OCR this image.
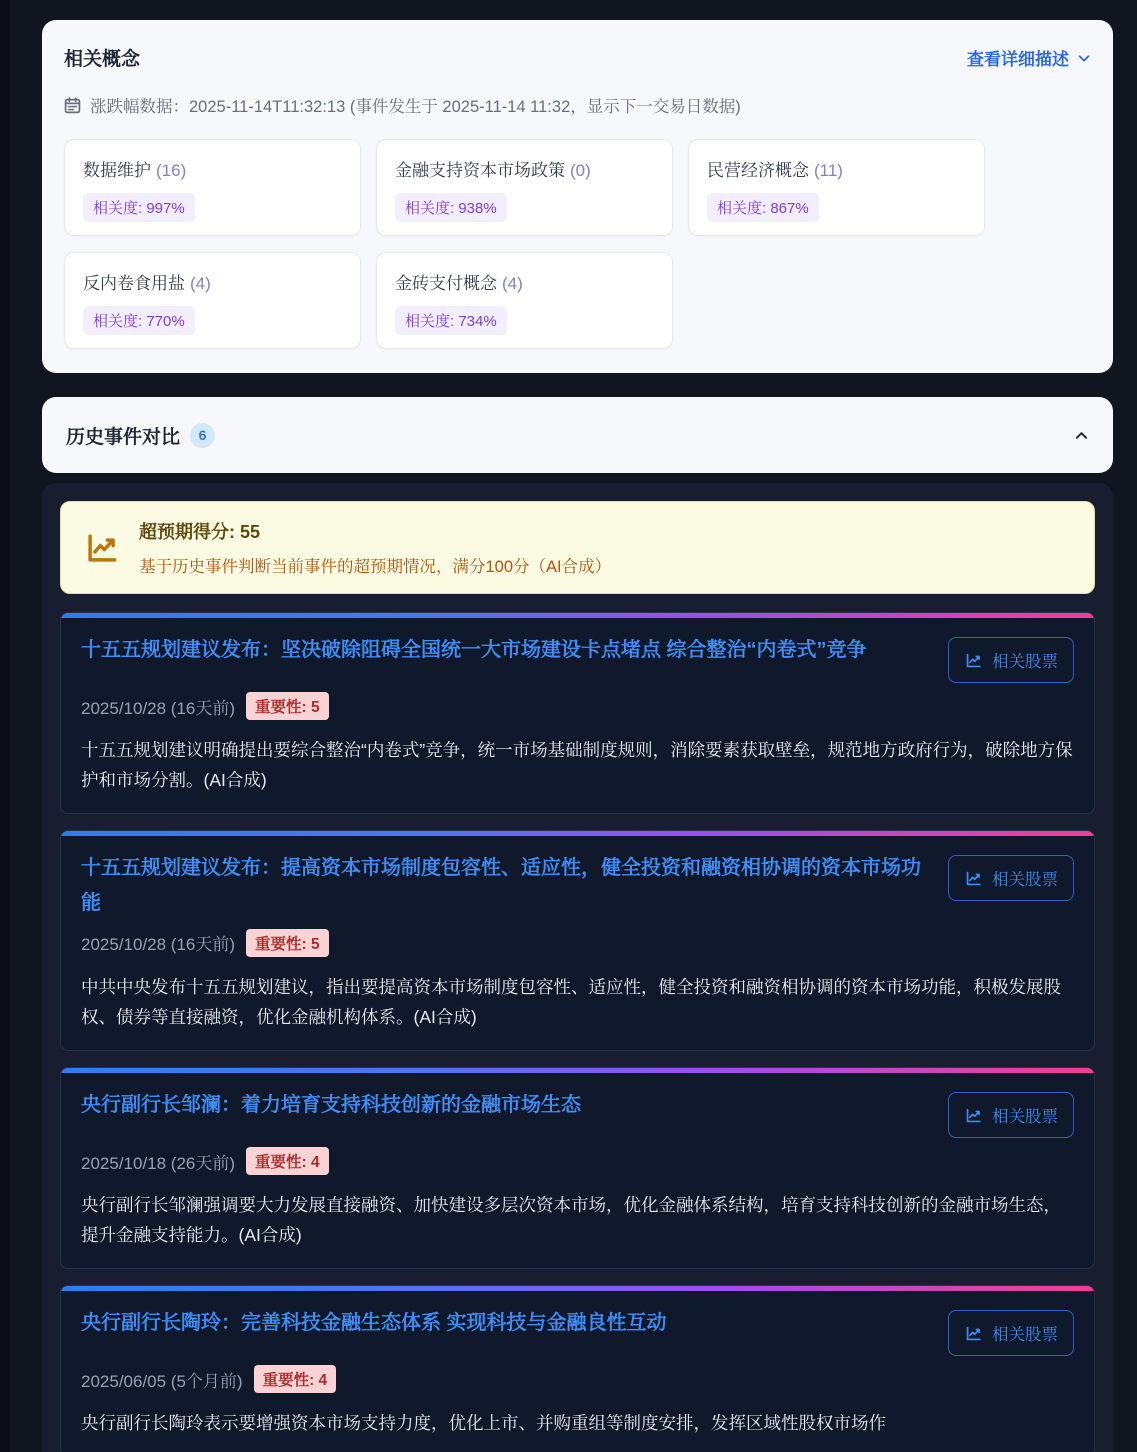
相关概念	查看详细描述
涨跌幅数据：2025-11-14T11:32:13 (事件发生于 2025-11-14 11:32，显示下一交易日数据)
数据维护 (16)
相关度: 997%
金融支持资本市场政策 (0)
相关度: 938%
民营经济概念 (11)
相关度: 867%
反内卷食用盐 (4)
相关度: 770%
金砖支付概念 (4)
相关度: 734%
历史事件对比	6
超预期得分: 55
基于历史事件判断当前事件的超预期情况，满分100分（AI合成）
十五五规划建议发布：坚决破除阻碍全国统一大市场建设卡点堵点 综合整治“内卷式”竞争
相关股票
2025/10/28 (16天前)	重要性: 5

十五五规划建议明确提出要综合整治“内卷式”竞争，统一市场基础制度规则，消除要素获取壁垒，规范地方政府行为，破除地方保护和市场分割。(AI合成)

十五五规划建议发布：提高资本市场制度包容性、适应性，健全投资和融资相协调的资本市场功能
相关股票
2025/10/28 (16天前)	重要性: 5

中共中央发布十五五规划建议，指出要提高资本市场制度包容性、适应性，健全投资和融资相协调的资本市场功能，积极发展股权、债券等直接融资，优化金融机构体系。(AI合成)

央行副行长邹澜：着力培育支持科技创新的金融市场生态
相关股票
2025/10/18 (26天前)	重要性: 4

央行副行长邹澜强调要大力发展直接融资、加快建设多层次资本市场，优化金融体系结构，培育支持科技创新的金融市场生态，提升金融支持能力。(AI合成)

央行副行长陶玲：完善科技金融生态体系 实现科技与金融良性互动
相关股票
2025/06/05 (5个月前)	重要性: 4

央行副行长陶玲表示要增强资本市场支持力度，优化上市、并购重组等制度安排，发挥区域性股权市场作
